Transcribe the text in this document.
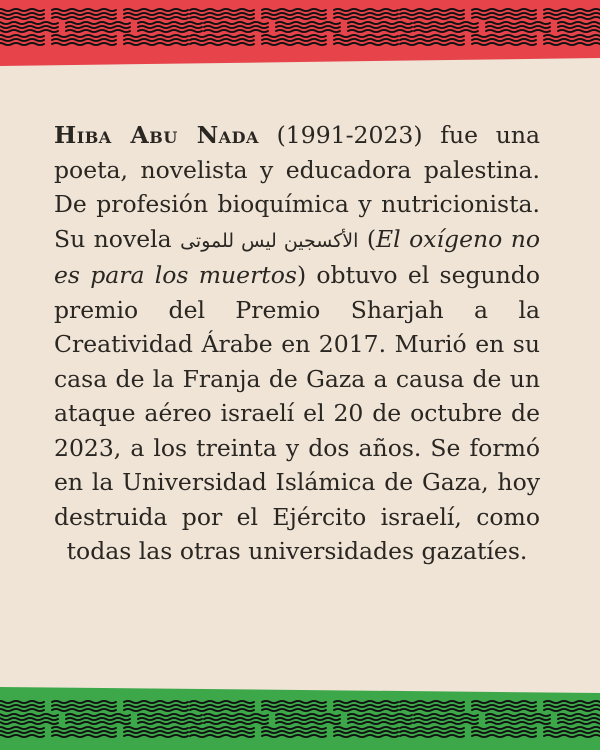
Hiba Abu Nada (1991-2023) fue una poeta, novelista y educadora palestina. De profesión bioquímica y nutricionista. Su novela الأكسجين ليس للموتى (El oxígeno no es para los muertos) obtuvo el segundo premio del Premio Sharjah a la Creatividad Árabe en 2017. Murió en su casa de la Franja de Gaza a causa de un ataque aéreo israelí el 20 de octubre de 2023, a los treinta y dos años. Se formó en la Universidad Islámica de Gaza, hoy destruida por el Ejército israelí, como todas las otras universidades gazatíes.
